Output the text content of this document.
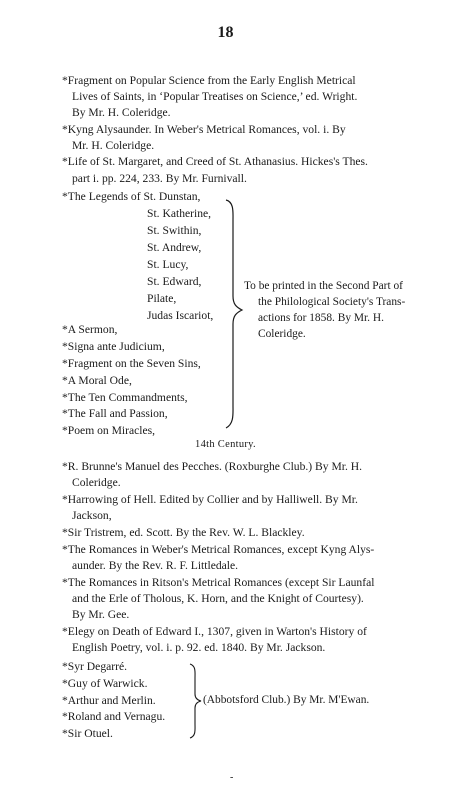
18
*Fragment on Popular Science from the Early English Metrical
Lives of Saints, in ‘Popular Treatises on Science,’ ed. Wright.
By Mr. H. Coleridge.
*Kyng Alysaunder. In Weber's Metrical Romances, vol. i. By
Mr. H. Coleridge.
*Life of St. Margaret, and Creed of St. Athanasius. Hickes's Thes.
part i. pp. 224, 233. By Mr. Furnivall.
*The Legends of St. Dunstan,
St. Katherine,
St. Swithin,
St. Andrew,
St. Lucy,
St. Edward,
Pilate,
Judas Iscariot,
*A Sermon,
*Signa ante Judicium,
*Fragment on the Seven Sins,
*A Moral Ode,
*The Ten Commandments,
*The Fall and Passion,
*Poem on Miracles,
To be printed in the Second Part of
the Philological Society's Trans-
actions for 1858. By Mr. H.
Coleridge.
14th Century.
*R. Brunne's Manuel des Pecches. (Roxburghe Club.) By Mr. H.
Coleridge.
*Harrowing of Hell. Edited by Collier and by Halliwell. By Mr.
Jackson,
*Sir Tristrem, ed. Scott. By the Rev. W. L. Blackley.
*The Romances in Weber's Metrical Romances, except Kyng Alys-
aunder. By the Rev. R. F. Littledale.
*The Romances in Ritson's Metrical Romances (except Sir Launfal
and the Erle of Tholous, K. Horn, and the Knight of Courtesy).
By Mr. Gee.
*Elegy on Death of Edward I., 1307, given in Warton's History of
English Poetry, vol. i. p. 92. ed. 1840. By Mr. Jackson.
*Syr Degarré.
*Guy of Warwick.
*Arthur and Merlin.
*Roland and Vernagu.
*Sir Otuel.
(Abbotsford Club.) By Mr. M'Ewan.
-
